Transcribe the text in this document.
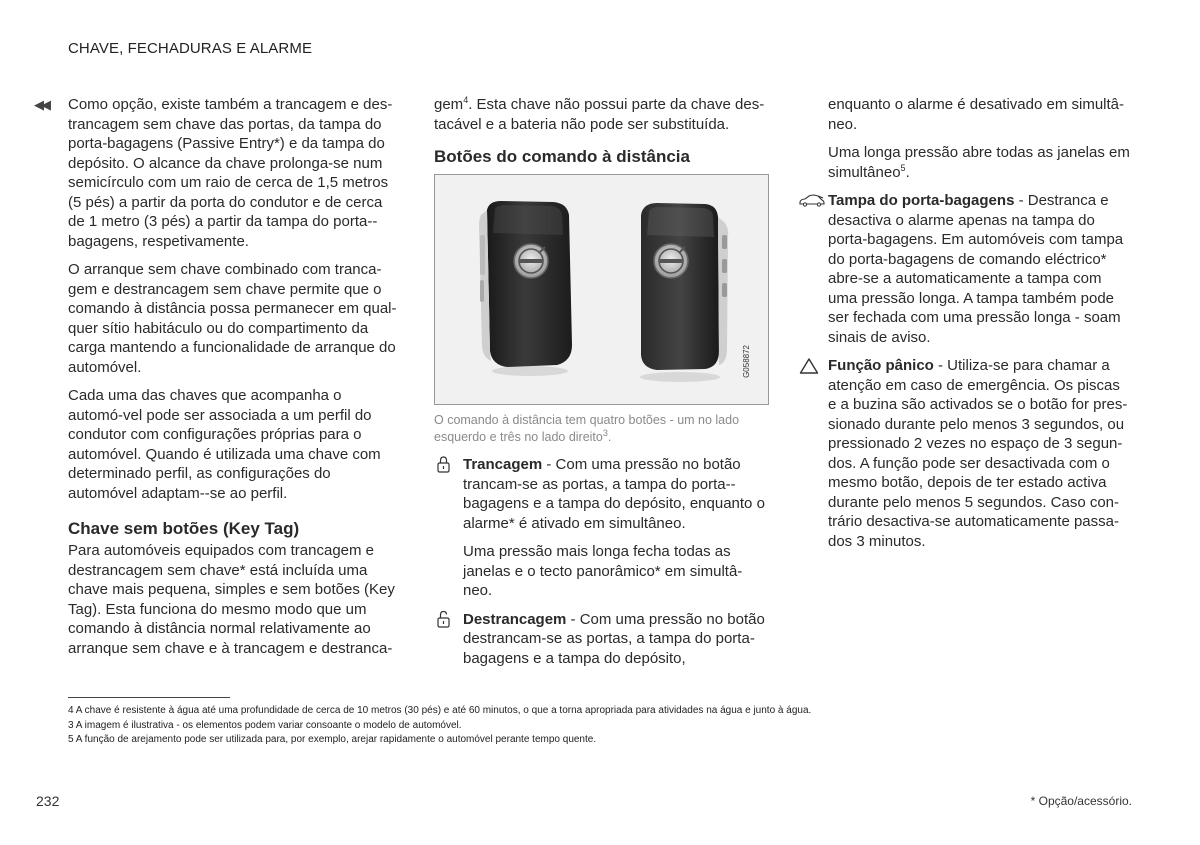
CHAVE, FECHADURAS E ALARME
◀◀ Como opção, existe também a trancagem e des-trancagem sem chave das portas, da tampa do porta-bagagens (Passive Entry*) e da tampa do depósito. O alcance da chave prolonga-se num semicírculo com um raio de cerca de 1,5 metros (5 pés) a partir da porta do condutor e de cerca de 1 metro (3 pés) a partir da tampa do porta--bagagens, respetivamente.

O arranque sem chave combinado com tranca-gem e destrancagem sem chave permite que o comando à distância possa permanecer em qual-quer sítio habitáculo ou do compartimento da carga mantendo a funcionalidade de arranque do automóvel.

Cada uma das chaves que acompanha o automó-vel pode ser associada a um perfil do condutor com configurações próprias para o automóvel. Quando é utilizada uma chave com determinado perfil, as configurações do automóvel adaptam--se ao perfil.

Chave sem botões (Key Tag)

Para automóveis equipados com trancagem e destrancagem sem chave* está incluída uma chave mais pequena, simples e sem botões (Key Tag). Esta funciona do mesmo modo que um comando à distância normal relativamente ao arranque sem chave e à trancagem e destranca-

gem$^4$. Esta chave não possui parte da chave des-tacável e a bateria não pode ser substituída.

Botões do comando à distância
G058872
O comando à distância tem quatro botões - um no lado esquerdo e três no lado direito$^3$.

Trancagem - Com uma pressão no botão trancam-se as portas, a tampa do porta--bagagens e a tampa do depósito, enquanto o alarme* é ativado em simultâneo.

Uma pressão mais longa fecha todas as janelas e o tecto panorâmico* em simultâ-neo.

Destrancagem - Com uma pressão no botão destrancam-se as portas, a tampa do porta-bagagens e a tampa do depósito,

enquanto o alarme é desativado em simultâ-neo.

Uma longa pressão abre todas as janelas em simultâneo$^5$.

Tampa do porta-bagagens - Destranca e desactiva o alarme apenas na tampa do porta-bagagens. Em automóveis com tampa do porta-bagagens de comando eléctrico* abre-se a automaticamente a tampa com uma pressão longa. A tampa também pode ser fechada com uma pressão longa - soam sinais de aviso.

Função pânico - Utiliza-se para chamar a atenção em caso de emergência. Os piscas e a buzina são activados se o botão for pres-sionado durante pelo menos 3 segundos, ou pressionado 2 vezes no espaço de 3 segun-dos. A função pode ser desactivada com o mesmo botão, depois de ter estado activa durante pelo menos 5 segundos. Caso con-trário desactiva-se automaticamente passa-dos 3 minutos.

4 A chave é resistente à água até uma profundidade de cerca de 10 metros (30 pés) e até 60 minutos, o que a torna apropriada para atividades na água e junto à água.
3 A imagem é ilustrativa - os elementos podem variar consoante o modelo de automóvel.
5 A função de arejamento pode ser utilizada para, por exemplo, arejar rapidamente o automóvel perante tempo quente.
232	* Opção/acessório.
